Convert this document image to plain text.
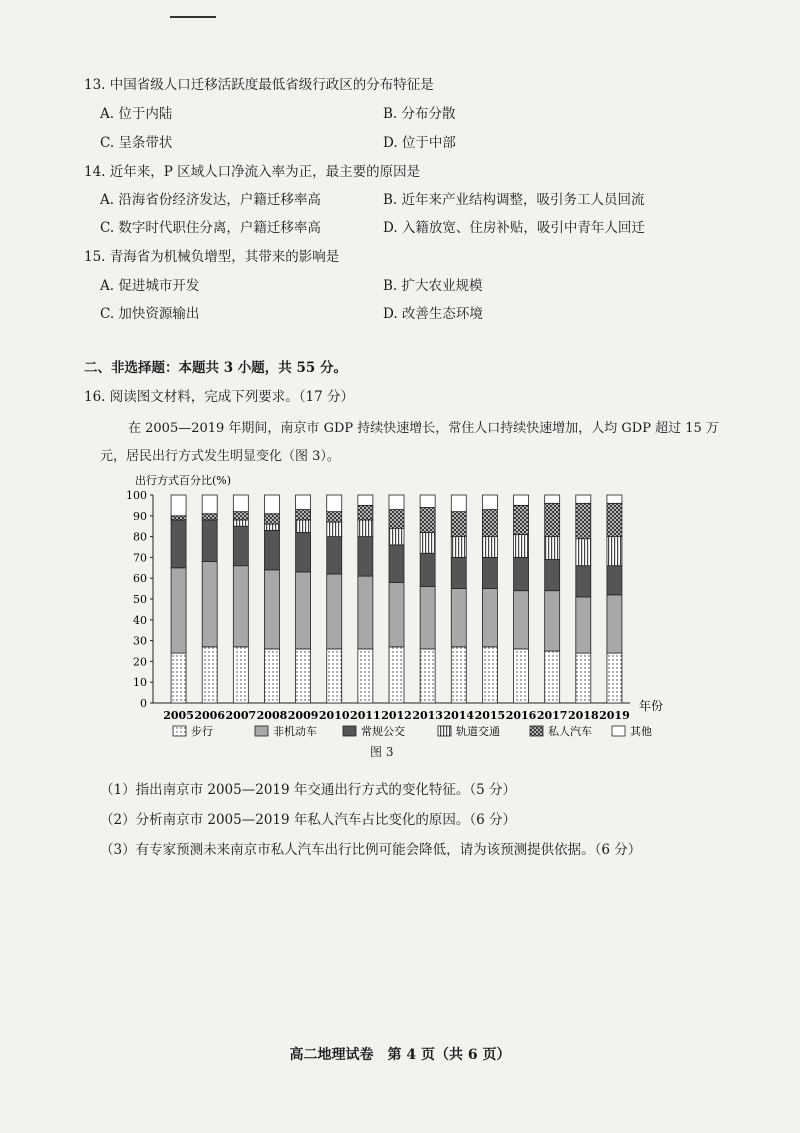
13. 中国省级人口迁移活跃度最低省级行政区的分布特征是
A. 位于内陆	B. 分布分散
C. 呈条带状	D. 位于中部
14. 近年来，P 区域人口净流入率为正，最主要的原因是
A. 沿海省份经济发达，户籍迁移率高	B. 近年来产业结构调整，吸引务工人员回流
C. 数字时代职住分离，户籍迁移率高	D. 入籍放宽、住房补贴，吸引中青年人回迁
15. 青海省为机械负增型，其带来的影响是
A. 促进城市开发	B. 扩大农业规模
C. 加快资源输出	D. 改善生态环境
二、非选择题：本题共 3 小题，共 55 分。
16. 阅读图文材料，完成下列要求。（17 分）
在 2005—2019 年期间，南京市 GDP 持续快速增长，常住人口持续快速增加，人均 GDP 超过 15 万
元，居民出行方式发生明显变化（图 3）。
出行方式百分比(%)
0
10
20
30
40
50
60
70
80
90
100
2005 2006 2007 2008 2009 2010 2011 2012 2013 2014 2015 2016 2017 2018 2019
年份
步行	非机动车	常规公交	轨道交通	私人汽车	其他
图 3
（1）指出南京市 2005—2019 年交通出行方式的变化特征。（5 分）
（2）分析南京市 2005—2019 年私人汽车占比变化的原因。（6 分）
（3）有专家预测未来南京市私人汽车出行比例可能会降低，请为该预测提供依据。（6 分）
高二地理试卷　第 4 页（共 6 页）
